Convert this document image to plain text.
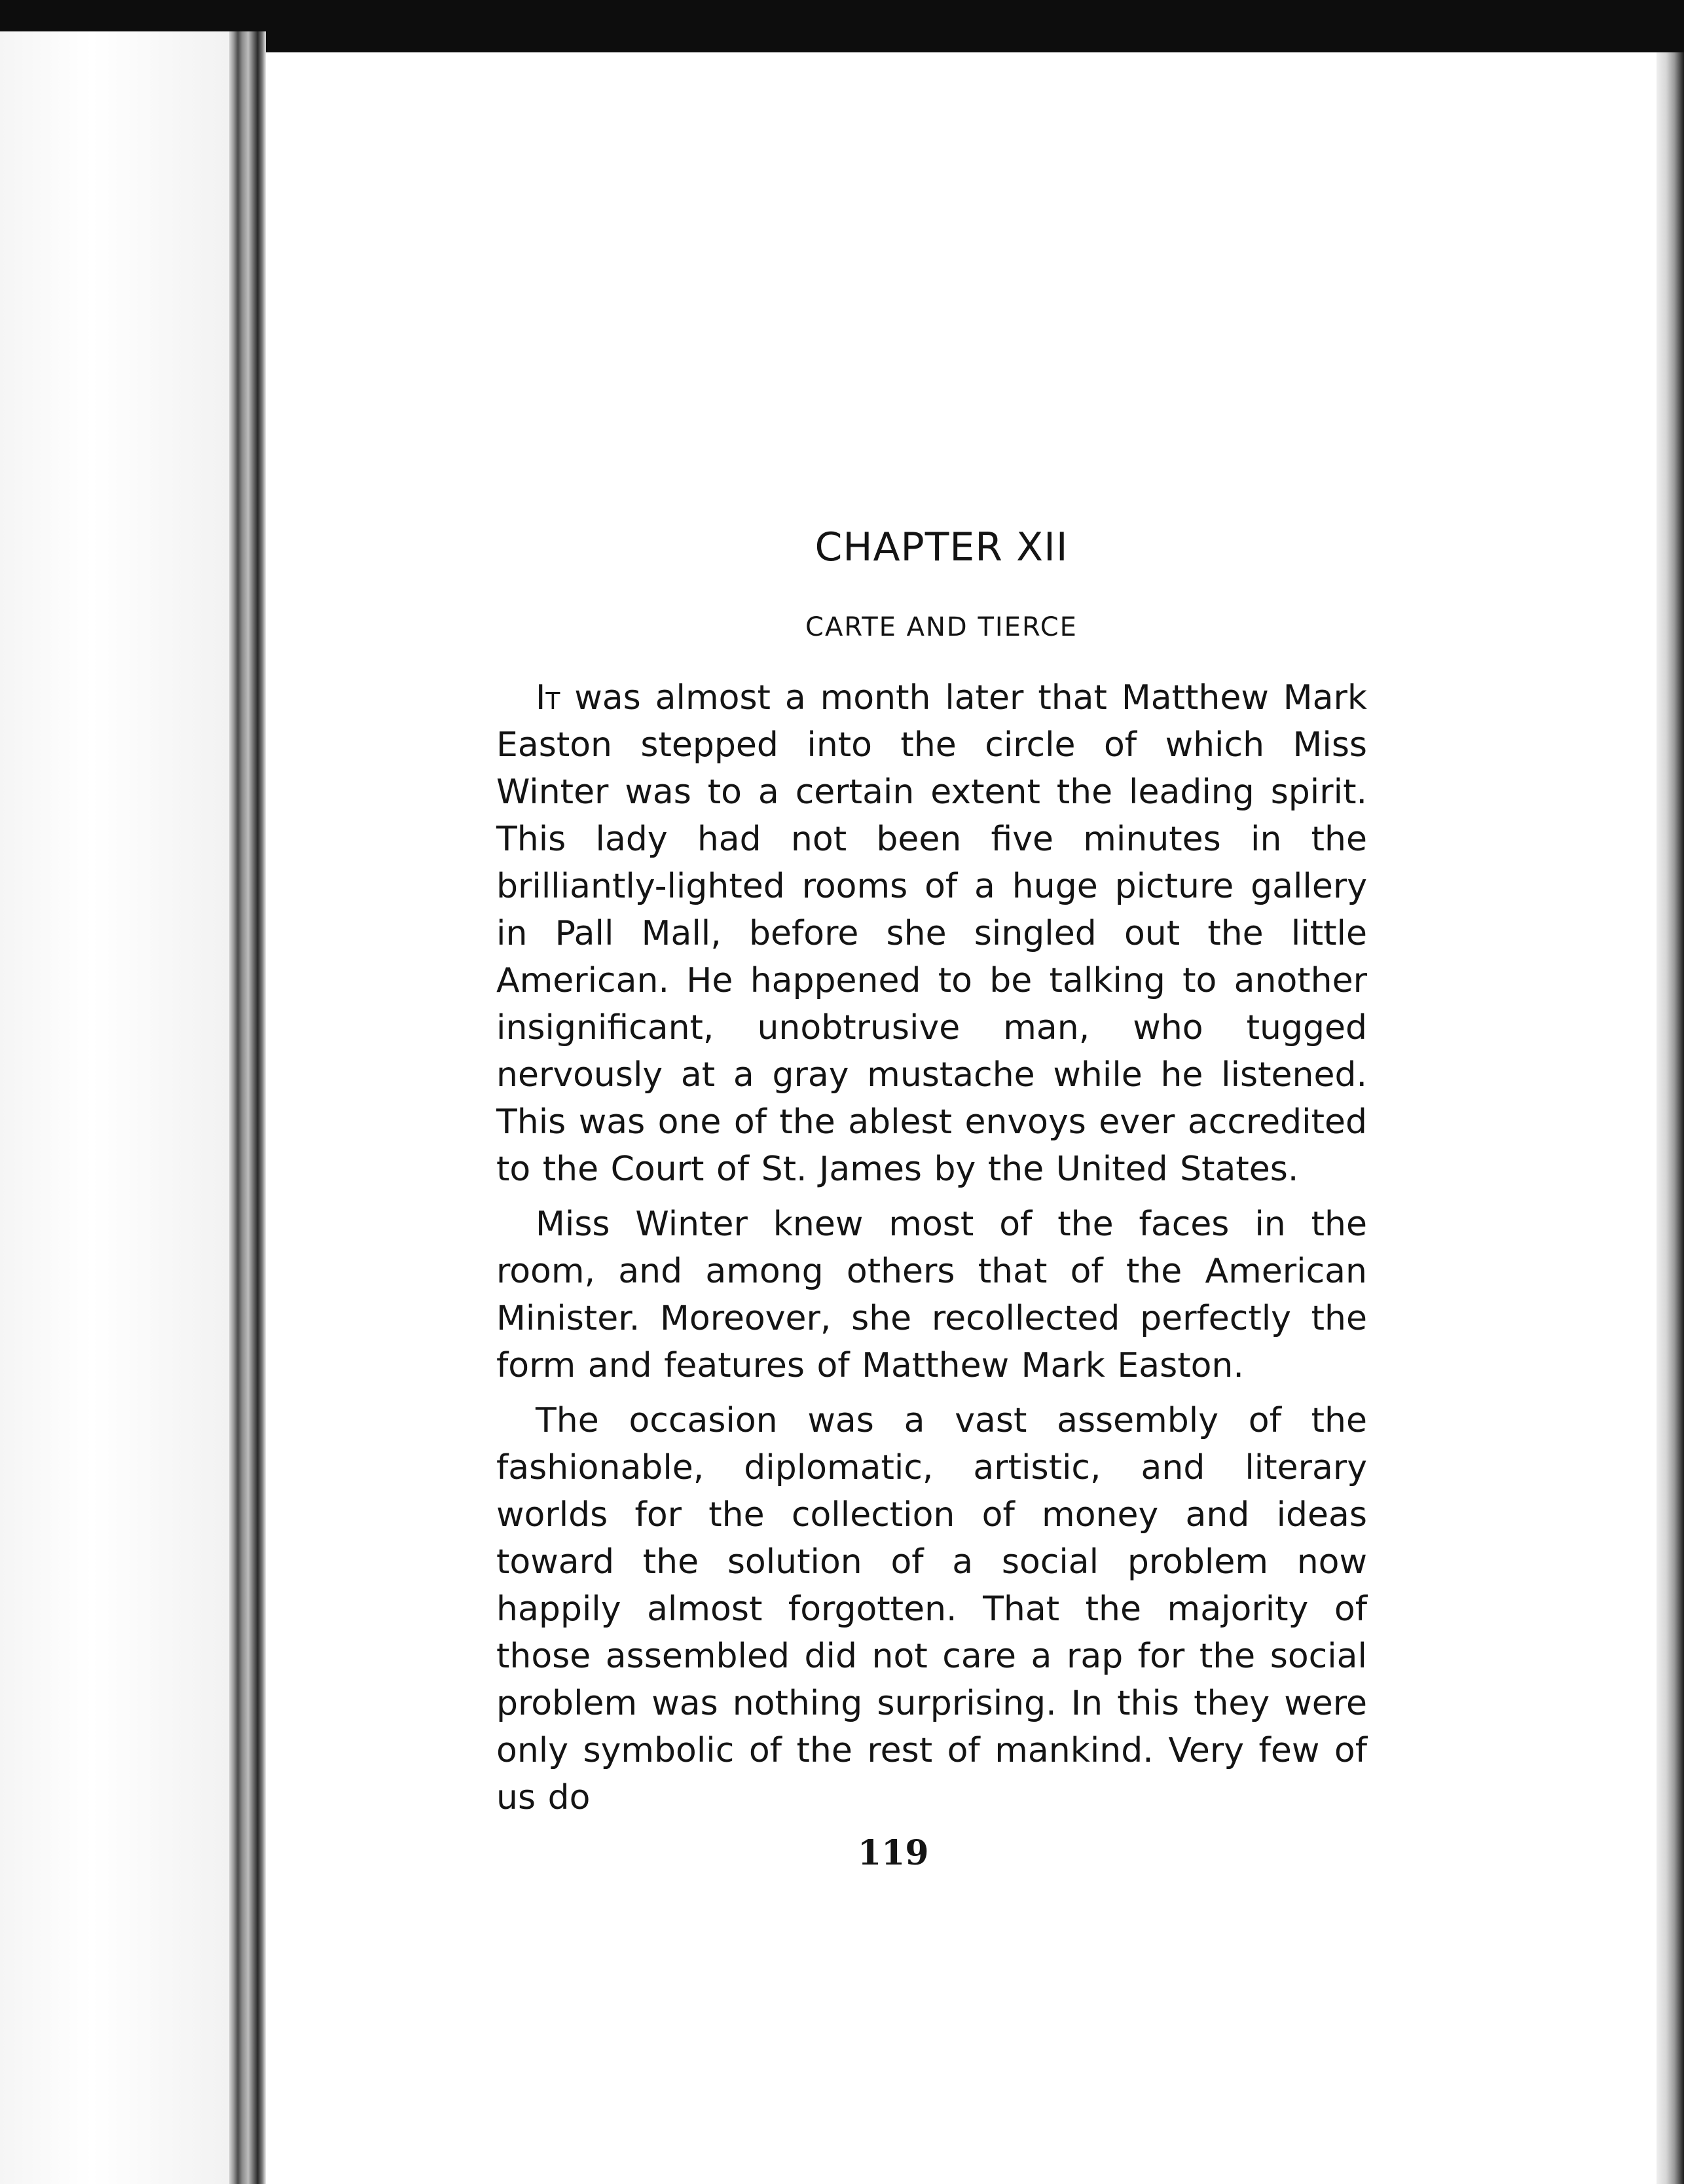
CHAPTER XII
CARTE AND TIERCE

It was almost a month later that Matthew Mark Easton stepped into the circle of which Miss Winter was to a certain extent the leading spirit. This lady had not been five minutes in the brilliantly-lighted rooms of a huge picture gallery in Pall Mall, before she singled out the little American. He happened to be talking to another insignificant, unobtrusive man, who tugged nervously at a gray mustache while he listened. This was one of the ablest envoys ever accredited to the Court of St. James by the United States.

Miss Winter knew most of the faces in the room, and among others that of the American Minister. Moreover, she recollected perfectly the form and features of Matthew Mark Easton.

The occasion was a vast assembly of the fashionable, diplomatic, artistic, and literary worlds for the collection of money and ideas toward the solution of a social problem now happily almost forgotten. That the majority of those assembled did not care a rap for the social problem was nothing surprising. In this they were only symbolic of the rest of mankind. Very few of us do

119
